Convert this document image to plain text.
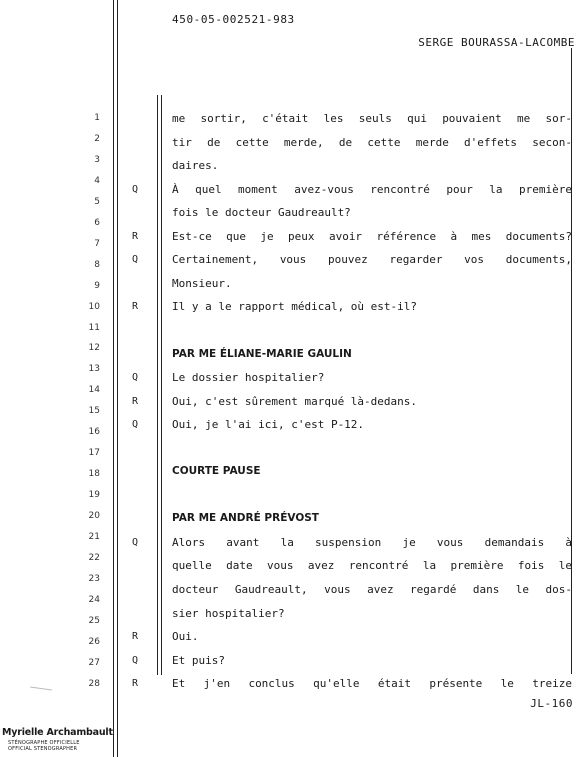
450-05-002521-983
SERGE BOURASSA-LACOMBE
1
2
3
4
5
6
7
8
9
10
11
12
13
14
15
16
17
18
19
20
21
22
23
24
25
26
27
28
me sortir, c'était les seuls qui pouvaient me sor-
tir de cette merde, de cette merde d'effets secon-
daires.
Q	À quel moment avez-vous rencontré pour la première
fois le docteur Gaudreault?
R	Est-ce que je peux avoir référence à mes documents?
Q	Certainement, vous pouvez regarder vos documents,
Monsieur.
R	Il y a le rapport médical, où est-il?
PAR ME ÉLIANE-MARIE GAULIN
Q	Le dossier hospitalier?
R	Oui, c'est sûrement marqué là-dedans.
Q	Oui, je l'ai ici, c'est P-12.
COURTE PAUSE
PAR ME ANDRÉ PRÉVOST
Q	Alors avant la suspension je vous demandais à
quelle date vous avez rencontré la première fois le
docteur Gaudreault, vous avez regardé dans le dos-
sier hospitalier?
R	Oui.
Q	Et puis?
R	Et j'en conclus qu'elle était présente le treize
JL-160
Myrielle Archambault
STÉNOGRAPHE OFFICIELLE
OFFICIAL STENOGRAPHER
